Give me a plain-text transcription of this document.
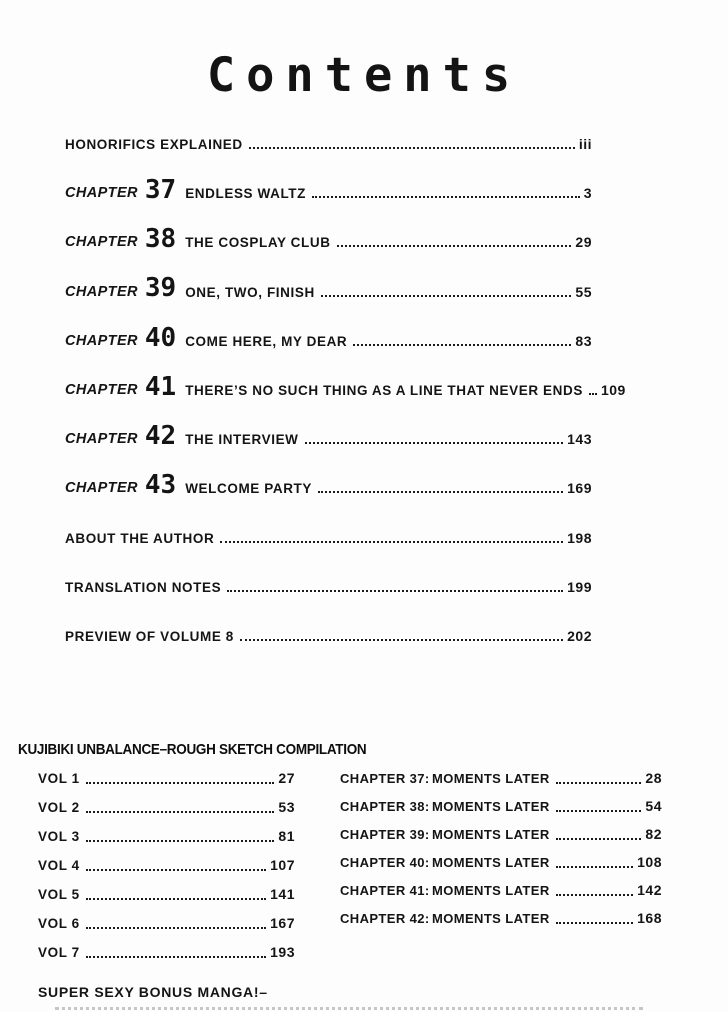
Contents
HONORIFICS EXPLAINED	iii
CHAPTER 37 ENDLESS WALTZ	3
CHAPTER 38 THE COSPLAY CLUB	29
CHAPTER 39 ONE, TWO, FINISH	55
CHAPTER 40 COME HERE, MY DEAR	83
CHAPTER 41 THERE’S NO SUCH THING AS A LINE THAT NEVER ENDS 109
CHAPTER 42 THE INTERVIEW	143
CHAPTER 43 WELCOME PARTY	169
ABOUT THE AUTHOR	198
TRANSLATION NOTES	199
PREVIEW OF VOLUME 8	202
KUJIBIKI UNBALANCE–ROUGH SKETCH COMPILATION
VOL 1	27
VOL 2	53
VOL 3	81
VOL 4	107
VOL 5	141
VOL 6	167
VOL 7	193
CHAPTER 37: MOMENTS LATER	28
CHAPTER 38: MOMENTS LATER	54
CHAPTER 39: MOMENTS LATER	82
CHAPTER 40: MOMENTS LATER	108
CHAPTER 41: MOMENTS LATER	142
CHAPTER 42: MOMENTS LATER	168
SUPER SEXY BONUS MANGA!–
